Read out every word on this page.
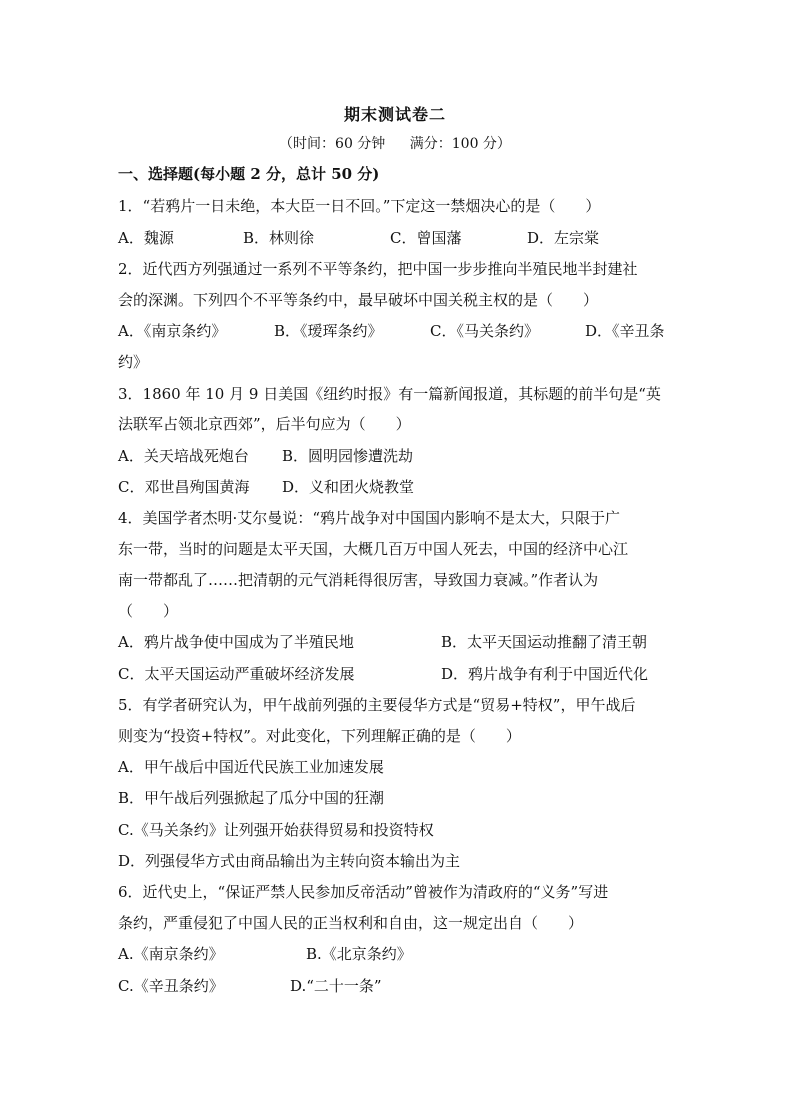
期末测试卷二
（时间：60 分钟 满分：100 分）
一、选择题(每小题 2 分，总计 50 分)
1．“若鸦片一日未绝，本大臣一日不回。”下定这一禁烟决心的是（　　）
A．魏源	B．林则徐	C．曾国藩	D．左宗棠
2．近代西方列强通过一系列不平等条约，把中国一步步推向半殖民地半封建社
会的深渊。下列四个不平等条约中，最早破坏中国关税主权的是（　　）
A．《南京条约》	B．《瑷珲条约》	C．《马关条约》	D．《辛丑条
约》
3．1860 年 10 月 9 日美国《纽约时报》有一篇新闻报道，其标题的前半句是“英
法联军占领北京西郊”，后半句应为（　　）
A．关天培战死炮台 B．圆明园惨遭洗劫
C．邓世昌殉国黄海 D．义和团火烧教堂
4．美国学者杰明·艾尔曼说：“鸦片战争对中国国内影响不是太大，只限于广
东一带，当时的问题是太平天国，大概几百万中国人死去，中国的经济中心江
南一带都乱了……把清朝的元气消耗得很厉害，导致国力衰减。”作者认为
（　　）
A．鸦片战争使中国成为了半殖民地	B．太平天国运动推翻了清王朝
C．太平天国运动严重破坏经济发展	D．鸦片战争有利于中国近代化
5．有学者研究认为，甲午战前列强的主要侵华方式是“贸易+特权”，甲午战后
则变为“投资+特权”。对此变化，下列理解正确的是（　　）
A．甲午战后中国近代民族工业加速发展
B．甲午战后列强掀起了瓜分中国的狂潮
C.《马关条约》让列强开始获得贸易和投资特权
D．列强侵华方式由商品输出为主转向资本输出为主
6．近代史上，“保证严禁人民参加反帝活动”曾被作为清政府的“义务”写进
条约，严重侵犯了中国人民的正当权利和自由，这一规定出自（　　）
A.《南京条约》	B.《北京条约》
C.《辛丑条约》	D.“二十一条”
